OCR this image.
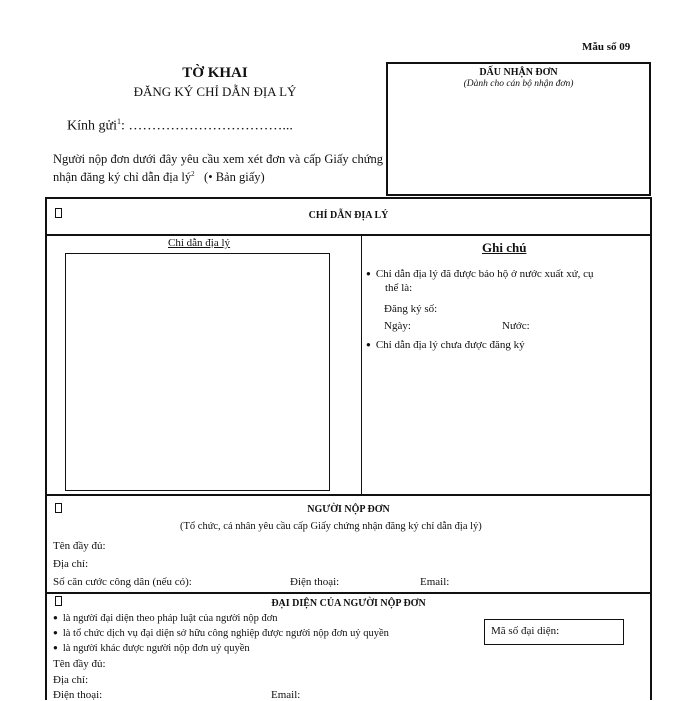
Mẫu số 09
TỜ KHAI
ĐĂNG KÝ CHỈ DẪN ĐỊA LÝ
Kính gửi$^1$: ……………………………...
Người nộp đơn dưới đây yêu cầu xem xét đơn và cấp Giấy chứng nhận đăng ký chỉ dẫn địa $lý^2$ (• Bản giấy)
DẤU NHẬN ĐƠN
(Dành cho cán bộ nhận đơn)
CHỈ DẪN ĐỊA LÝ
Chỉ dẫn địa lý	Ghi chú
● Chỉ dẫn địa lý đã được bảo hộ ở nước xuất xứ, cụ
thể là:
Đăng ký số:
Ngày:	Nước:
● Chỉ dẫn địa lý chưa được đăng ký
NGƯỜI NỘP ĐƠN
(Tổ chức, cá nhân yêu cầu cấp Giấy chứng nhận đăng ký chỉ dẫn địa lý)
Tên đầy đủ:
Địa chỉ:
Số căn cước công dân (nếu có):	Điện thoại:	Email:
ĐẠI DIỆN CỦA NGƯỜI NỘP ĐƠN
● là người đại diện theo pháp luật của người nộp đơn
● là tổ chức dịch vụ đại diện sở hữu công nghiệp được người nộp đơn uỷ quyền
● là người khác được người nộp đơn uỷ quyền
Mã số đại diện:
Tên đầy đủ:
Địa chỉ:
Điện thoại:	Email:
